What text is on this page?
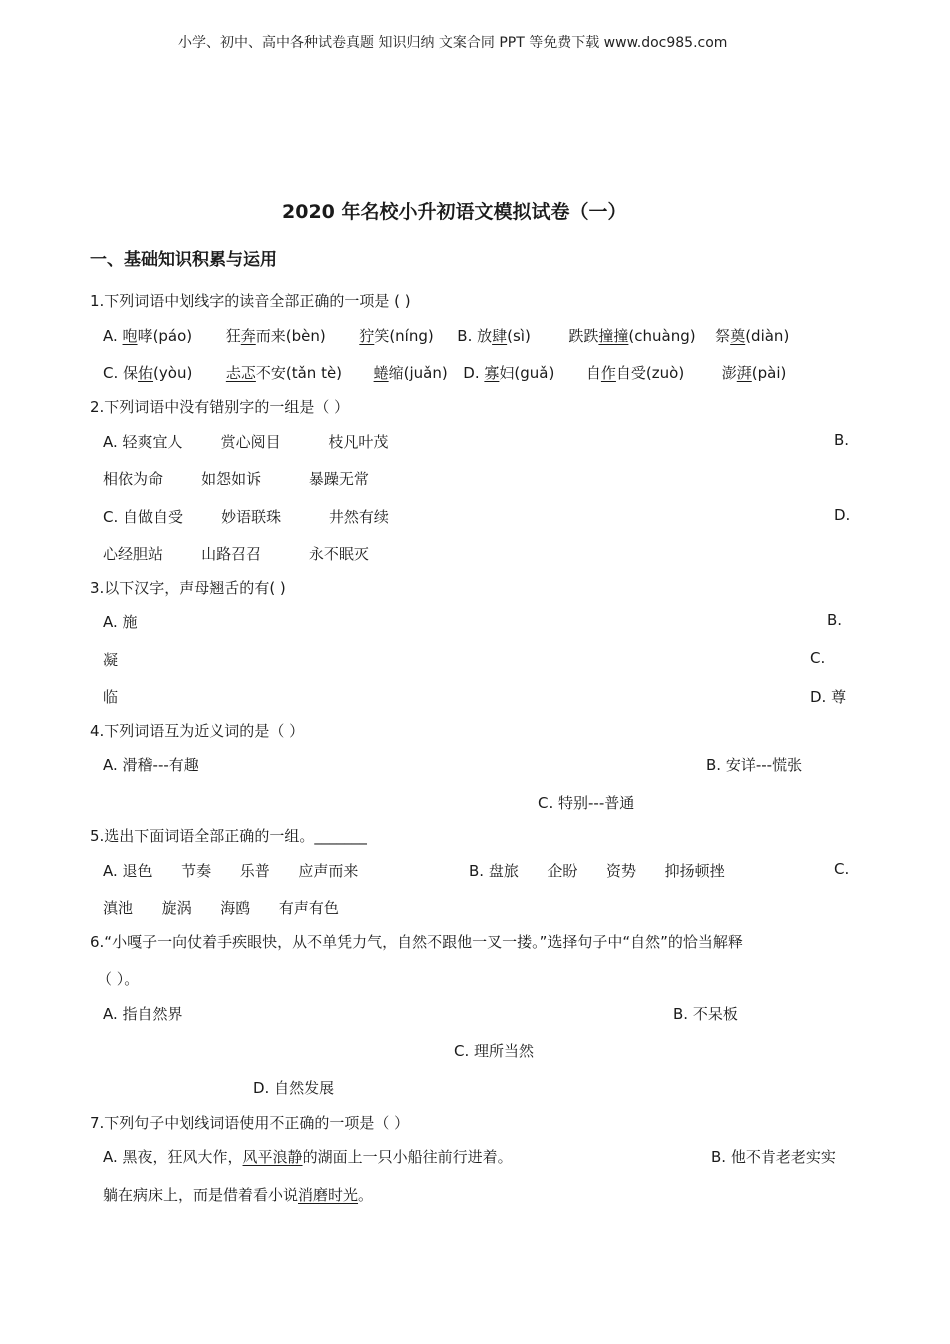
小学、初中、高中各种试卷真题 知识归纳 文案合同 PPT 等免费下载 www.doc985.com
2020 年名校小升初语文模拟试卷（一）
一、基础知识积累与运用
1.下列词语中划线字的读音全部正确的一项是 ( )
A. 咆哮(páo) 狂奔而来(bèn) 狞笑(níng) B. 放肆(sì)	跌跌撞撞(chuàng) 祭奠(diàn)
C. 保佑(yòu) 忐忑不安(tǎn tè) 蜷缩(juǎn) D. 寡妇(guǎ) 自作自受(zuò)	澎湃(pài)
2.下列词语中没有错别字的一组是（ ）
A. 轻爽宜人        赏心阅目          枝凡叶茂	B.
相依为命        如怨如诉          暴躁无常
C. 自做自受        妙语联珠          井然有续	D.
心经胆站        山路召召          永不眠灭
3.以下汉字，声母翘舌的有( )
A. 施	B.
凝	C.
临	D. 尊
4.下列词语互为近义词的是（ ）
A. 滑稽---有趣	B. 安详---慌张
C. 特别---普通
5.选出下面词语全部正确的一组。_______
A. 退色      节奏      乐普      应声而来	B. 盘旅      企盼      资势      抑扬顿挫	C.
滇池      旋涡      海鸥      有声有色
6.“小嘎子一向仗着手疾眼快，从不单凭力气，自然不跟他一叉一搂。”选择句子中“自然”的恰当解释
（ ）。
A. 指自然界	B. 不呆板
C. 理所当然
D. 自然发展
7.下列句子中划线词语使用不正确的一项是（ ）
A. 黑夜，狂风大作，风平浪静的湖面上一只小船往前行进着。	B. 他不肯老老实实
躺在病床上，而是借着看小说消磨时光。
